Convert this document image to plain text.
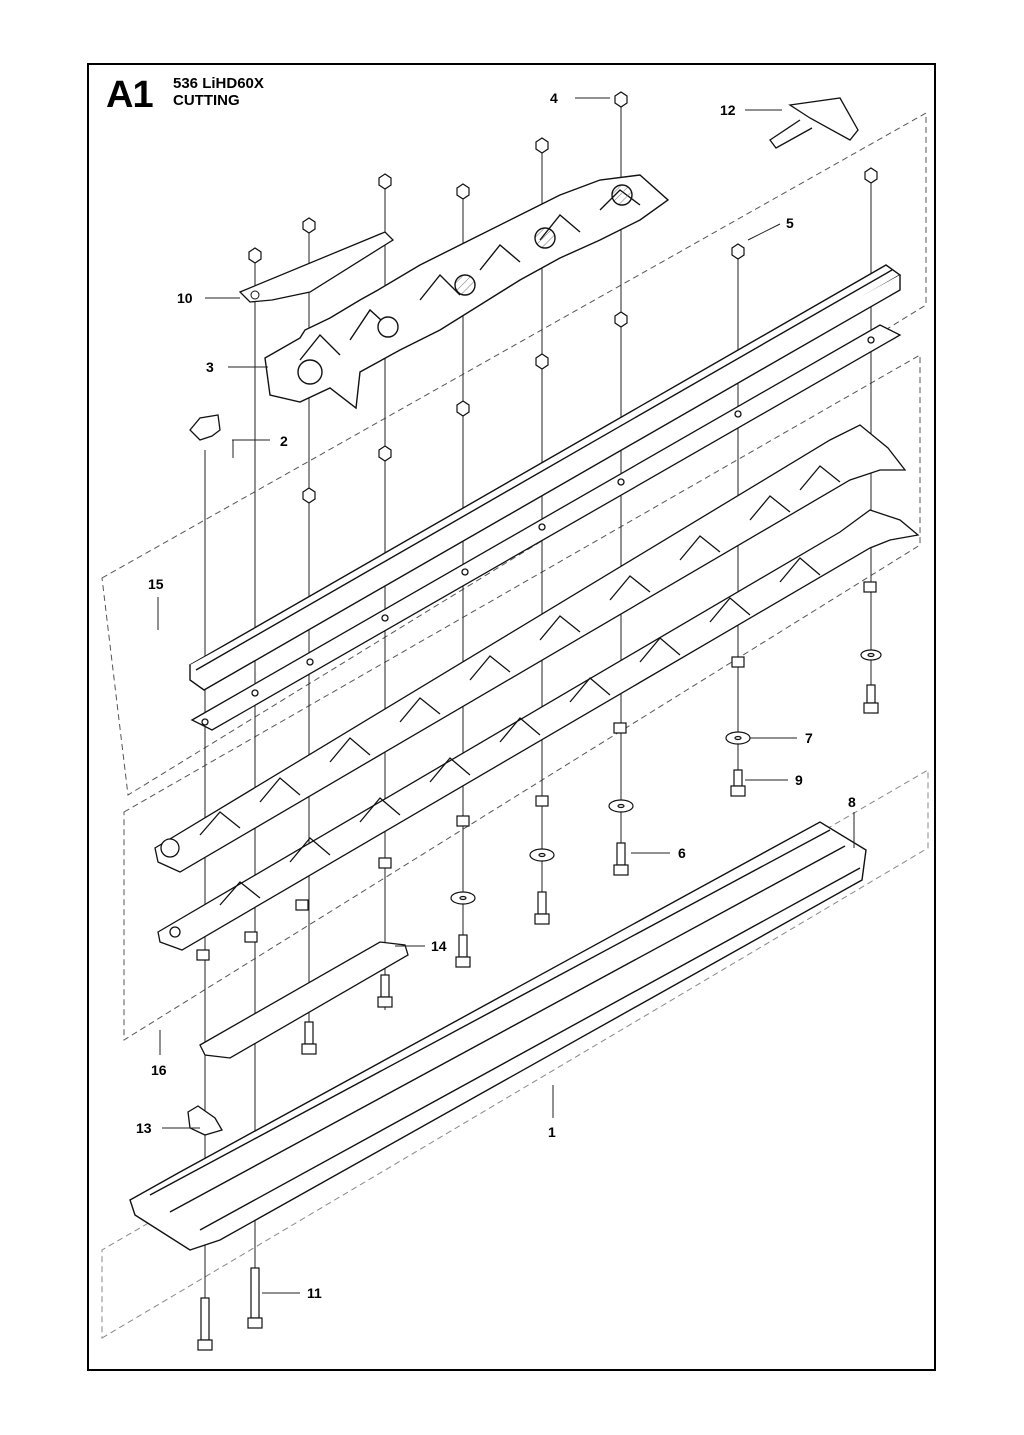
A1 536 LiHD60X
CUTTING	4
12
5
10
3
2
15
7
9
8
6
14
16
13	1
11
